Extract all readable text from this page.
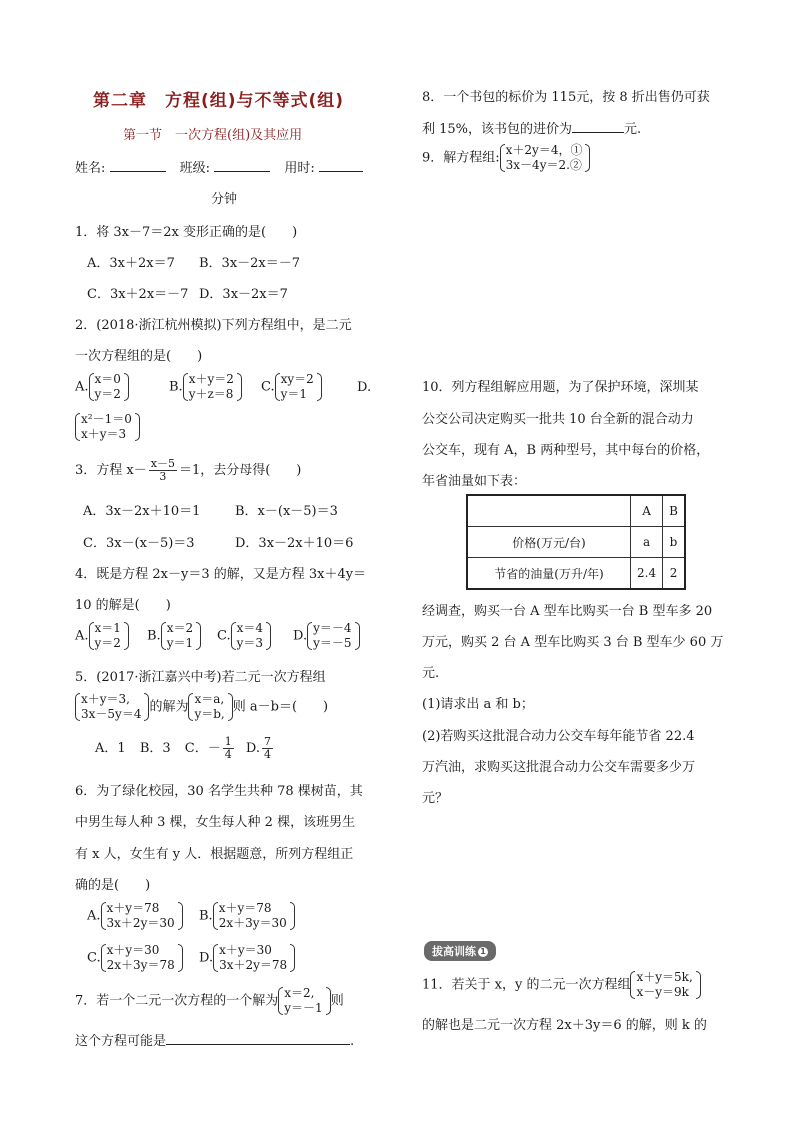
第二章　方程(组)与不等式(组)
第一节　一次方程(组)及其应用
姓名:	班级:	用时:
分钟
1．将 3x－7＝2x 变形正确的是(　　)
A．3x＋2x＝7 B．3x－2x＝－7
C．3x＋2x＝－7 D．3x－2x＝7
2．(2018·浙江杭州模拟)下列方程组中，是二元
一次方程组的是(　　)
A.
x＝0
y＝2	B.
x＋y＝2
y＋z＝8 C.
xy＝2
y＝1	D.
x²－1＝0
x＋y＝3
3．方程 $x- \frac{x-5}{3} =1$，去分母得(　　)
A．3x－2x＋10＝1	B．x－(x－5)＝3
C．3x－(x－5)＝3	D．3x－2x＋10＝6
4．既是方程 2x－y＝3 的解，又是方程 3x＋4y＝
10 的解是(　　)
A.
x＝1
y＝2 B.
x＝2
y＝1 C.
x＝4
y＝3 D.
y＝－4
y＝－5
5．(2017·浙江嘉兴中考)若二元一次方程组
x＋y＝3,
3x－5y＝4 的解为
x＝a,
y＝b, 则 a－b＝(　　)
A．1 B．3 C．－ $\frac{1}{4} D$. $\frac{7}{4}$
6．为了绿化校园，30 名学生共种 78 棵树苗，其
中男生每人种 3 棵，女生每人种 2 棵，该班男生
有 x 人，女生有 y 人．根据题意，所列方程组正
确的是(　　)
A.
x＋y＝78
3x＋2y＝30 B.
x＋y＝78
2x＋3y＝30
C.
x＋y＝30
2x＋3y＝78 D.
x＋y＝30
3x＋2y＝78
7．若一个二元一次方程的一个解为
x＝2,
y＝－1 则
这个方程可能是	.
8．一个书包的标价为 115元，按 8 折出售仍可获
利 15%，该书包的进价为	元.
9．解方程组:
x＋2y＝4，①
3x－4y＝2.②
10．列方程组解应用题，为了保护环境，深圳某
公交公司决定购买一批共 10 台全新的混合动力
公交车，现有 A，B 两种型号，其中每台的价格，
年省油量如下表：
	A	B
价格(万元/台)	a	b
节省的油量(万升/年)	2.4	2
经调查，购买一台 A 型车比购买一台 B 型车多 20
万元，购买 2 台 A 型车比购买 3 台 B 型车少 60 万
元.
(1)请求出 a 和 b；
(2)若购买这批混合动力公交车每年能节省 22.4
万汽油，求购买这批混合动力公交车需要多少万
元？
拔高训练 1
11．若关于 x，y 的二元一次方程组
x＋y＝5k,
x－y＝9k
的解也是二元一次方程 2x＋3y＝6 的解，则 k 的
